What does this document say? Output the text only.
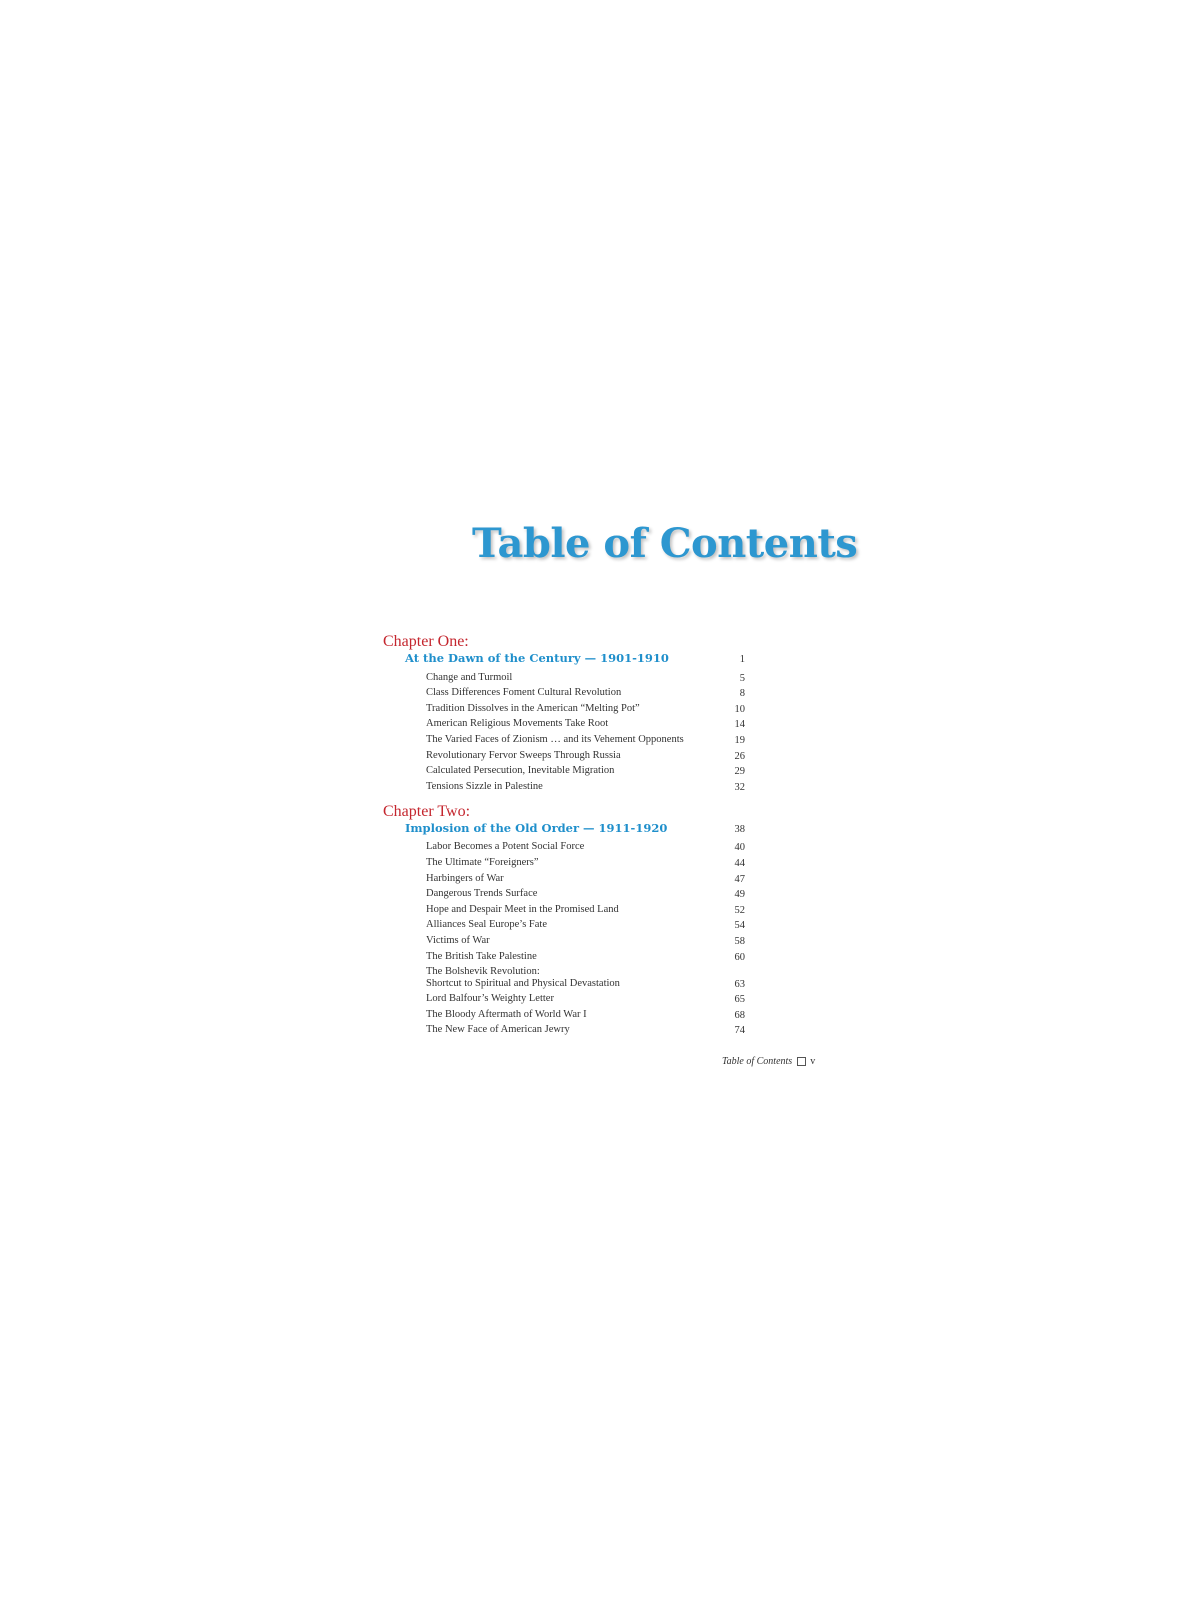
Table of Contents
Chapter One:
At the Dawn of the Century — 1901-1910	1
Change and Turmoil	5
Class Differences Foment Cultural Revolution	8
Tradition Dissolves in the American “Melting Pot”	10
American Religious Movements Take Root	14
The Varied Faces of Zionism … and its Vehement Opponents	19
Revolutionary Fervor Sweeps Through Russia	26
Calculated Persecution, Inevitable Migration	29
Tensions Sizzle in Palestine	32
Chapter Two:
Implosion of the Old Order — 1911-1920	38
Labor Becomes a Potent Social Force	40
The Ultimate “Foreigners”	44
Harbingers of War	47
Dangerous Trends Surface	49
Hope and Despair Meet in the Promised Land	52
Alliances Seal Europe’s Fate	54
Victims of War	58
The British Take Palestine	60
The Bolshevik Revolution:
Shortcut to Spiritual and Physical Devastation	63
Lord Balfour’s Weighty Letter	65
The Bloody Aftermath of World War I	68
The New Face of American Jewry	74
Table of Contents v
